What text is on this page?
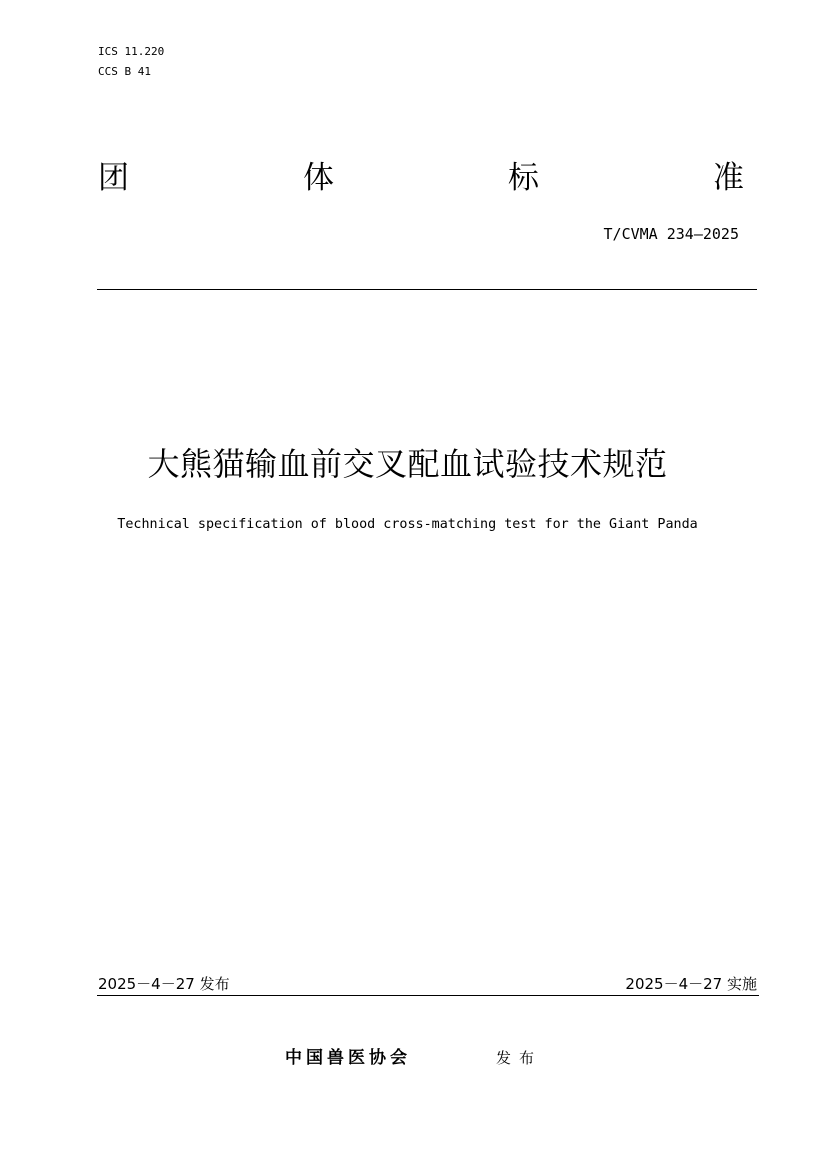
ICS 11.220
CCS B 41
团	体	标	准
T/CVMA 234—2025
大熊猫输血前交叉配血试验技术规范
Technical specification of blood cross-matching test for the Giant Panda
2025－4－27 发布	2025－4－27 实施
中国兽医协会	发布
